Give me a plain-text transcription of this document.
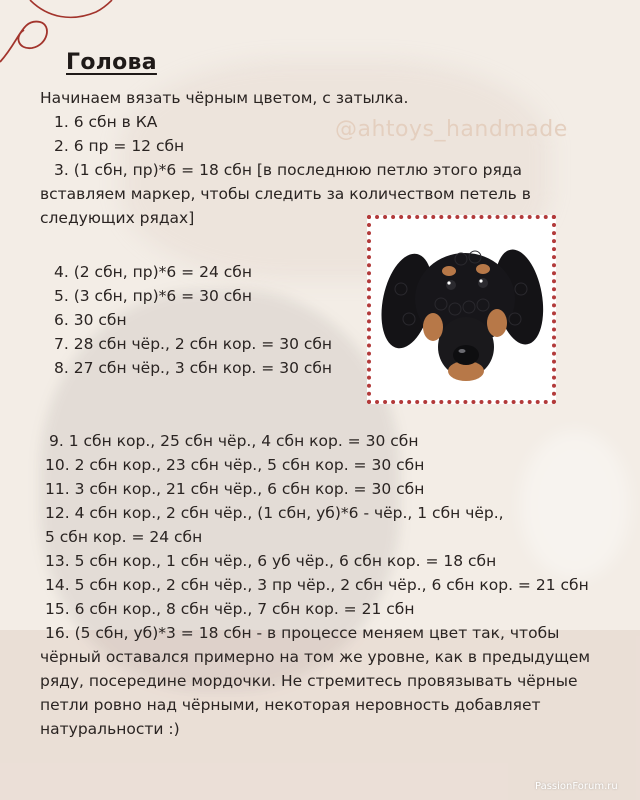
Голова
Начинаем вязать чёрным цветом, с затылка.
@ahtoys_handmade
1. 6 сбн в КА
2. 6 пр = 12 сбн
3. (1 сбн, пр)*6 = 18 сбн [в последнюю петлю этого ряда
вставляем маркер, чтобы следить за количеством петель в
следующих рядах]
4. (2 сбн, пр)*6 = 24 сбн
5. (3 сбн, пр)*6 = 30 сбн
6. 30 сбн
7. 28 сбн чёр., 2 сбн кор. = 30 сбн
8. 27 сбн чёр., 3 сбн кор. = 30 сбн
9. 1 сбн кор., 25 сбн чёр., 4 сбн кор. = 30 сбн
10. 2 сбн кор., 23 сбн чёр., 5 сбн кор. = 30 сбн
11. 3 сбн кор., 21 сбн чёр., 6 сбн кор. = 30 сбн
12. 4 сбн кор., 2 сбн чёр., (1 сбн, уб)*6 - чёр., 1 сбн чёр.,
5 сбн кор. = 24 сбн
13. 5 сбн кор., 1 сбн чёр., 6 уб чёр., 6 сбн кор. = 18 сбн
14. 5 сбн кор., 2 сбн чёр., 3 пр чёр., 2 сбн чёр., 6 сбн кор. = 21 сбн
15. 6 сбн кор., 8 сбн чёр., 7 сбн кор. = 21 сбн
16. (5 сбн, уб)*3 = 18 сбн - в процессе меняем цвет так, чтобы
чёрный оставался примерно на том же уровне, как в предыдущем
ряду, посередине мордочки. Не стремитесь провязывать чёрные
петли ровно над чёрными, некоторая неровность добавляет
натуральности :)
PassionForum.ru
